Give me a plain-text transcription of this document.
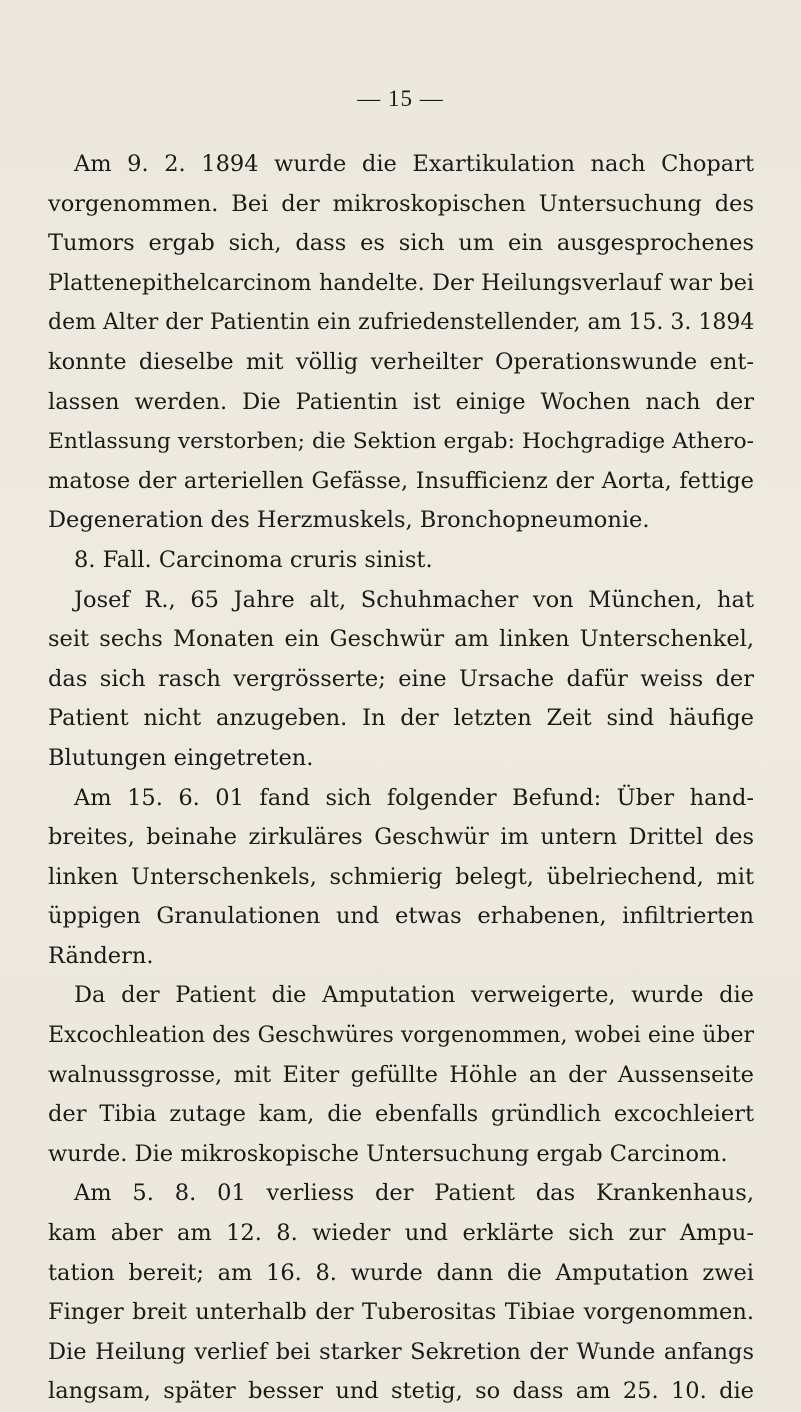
— 15 —
Am 9. 2. 1894 wurde die Exartikulation nach Chopart
vorgenommen. Bei der mikroskopischen Untersuchung des
Tumors ergab sich, dass es sich um ein ausgesprochenes
Plattenepithelcarcinom handelte. Der Heilungsverlauf war bei
dem Alter der Patientin ein zufriedenstellender, am 15. 3. 1894
konnte dieselbe mit völlig verheilter Operationswunde ent-
lassen werden. Die Patientin ist einige Wochen nach der
Entlassung verstorben; die Sektion ergab: Hochgradige Athero-
matose der arteriellen Gefässe, Insufficienz der Aorta, fettige
Degeneration des Herzmuskels, Bronchopneumonie.
8. Fall. Carcinoma cruris sinist.
Josef R., 65 Jahre alt, Schuhmacher von München, hat
seit sechs Monaten ein Geschwür am linken Unterschenkel,
das sich rasch vergrösserte; eine Ursache dafür weiss der
Patient nicht anzugeben. In der letzten Zeit sind häufige
Blutungen eingetreten.
Am 15. 6. 01 fand sich folgender Befund: Über hand-
breites, beinahe zirkuläres Geschwür im untern Drittel des
linken Unterschenkels, schmierig belegt, übelriechend, mit
üppigen Granulationen und etwas erhabenen, infiltrierten
Rändern.
Da der Patient die Amputation verweigerte, wurde die
Excochleation des Geschwüres vorgenommen, wobei eine über
walnussgrosse, mit Eiter gefüllte Höhle an der Aussenseite
der Tibia zutage kam, die ebenfalls gründlich excochleiert
wurde. Die mikroskopische Untersuchung ergab Carcinom.
Am 5. 8. 01 verliess der Patient das Krankenhaus,
kam aber am 12. 8. wieder und erklärte sich zur Ampu-
tation bereit; am 16. 8. wurde dann die Amputation zwei
Finger breit unterhalb der Tuberositas Tibiae vorgenommen.
Die Heilung verlief bei starker Sekretion der Wunde anfangs
langsam, später besser und stetig, so dass am 25. 10. die
